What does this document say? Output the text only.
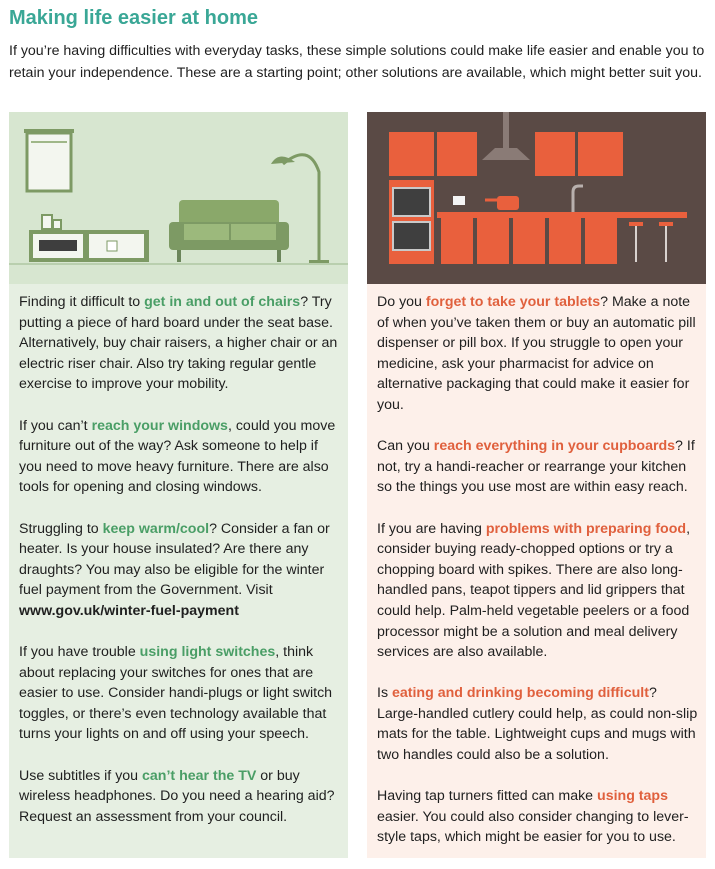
Making life easier at home

If you’re having difficulties with everyday tasks, these simple solutions could make life easier and enable you to retain your independence. These are a starting point; other solutions are available, which might better suit you.

Finding it difficult to get in and out of chairs? Try putting a piece of hard board under the seat base. Alternatively, buy chair raisers, a higher chair or an electric riser chair. Also try taking regular gentle exercise to improve your mobility.

If you can’t reach your windows, could you move furniture out of the way? Ask someone to help if you need to move heavy furniture. There are also tools for opening and closing windows.

Struggling to keep warm/cool? Consider a fan or heater. Is your house insulated? Are there any draughts? You may also be eligible for the winter fuel payment from the Government. Visit www.gov.uk/winter-fuel-payment

If you have trouble using light switches, think about replacing your switches for ones that are easier to use. Consider handi-plugs or light switch toggles, or there’s even technology available that turns your lights on and off using your speech.

Use subtitles if you can’t hear the TV or buy wireless headphones. Do you need a hearing aid? Request an assessment from your council.

Do you forget to take your tablets? Make a note of when you’ve taken them or buy an automatic pill dispenser or pill box. If you struggle to open your medicine, ask your pharmacist for advice on alternative packaging that could make it easier for you.

Can you reach everything in your cupboards? If not, try a handi-reacher or rearrange your kitchen so the things you use most are within easy reach.

If you are having problems with preparing food, consider buying ready-chopped options or try a chopping board with spikes. There are also long-handled pans, teapot tippers and lid grippers that could help. Palm-held vegetable peelers or a food processor might be a solution and meal delivery services are also available.

Is eating and drinking becoming difficult? Large-handled cutlery could help, as could non-slip mats for the table. Lightweight cups and mugs with two handles could also be a solution.

Having tap turners fitted can make using taps easier. You could also consider changing to lever-style taps, which might be easier for you to use.
